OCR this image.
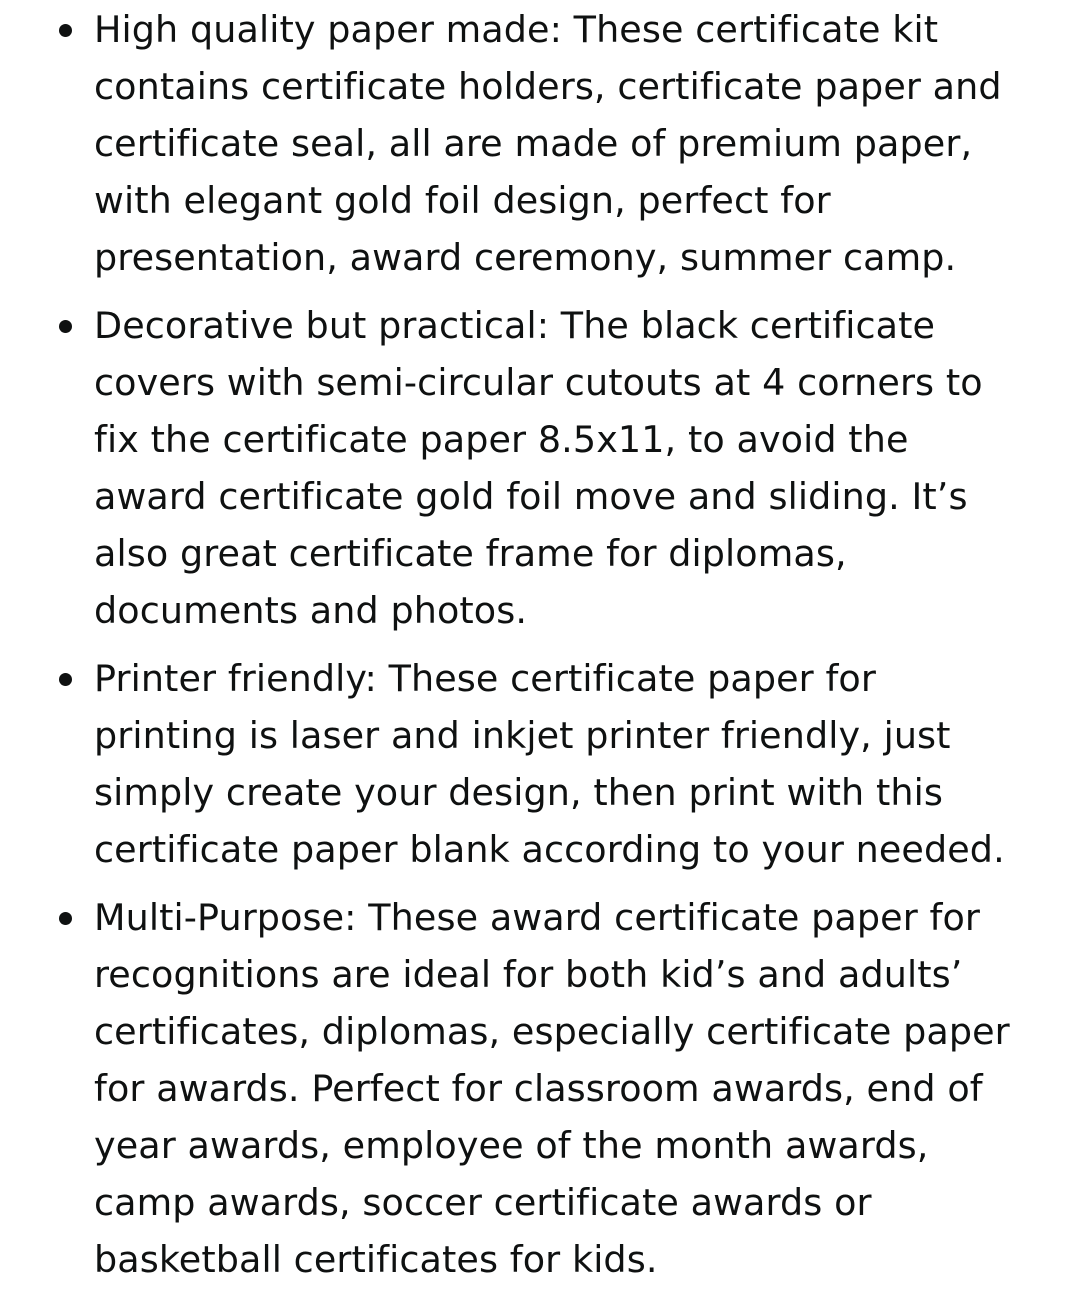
High quality paper made: These certificate kit
contains certificate holders, certificate paper and
certificate seal, all are made of premium paper,
with elegant gold foil design, perfect for
presentation, award ceremony, summer camp.
Decorative but practical: The black certificate
covers with semi-circular cutouts at 4 corners to
fix the certificate paper 8.5x11, to avoid the
award certificate gold foil move and sliding. It’s
also great certificate frame for diplomas,
documents and photos.
Printer friendly: These certificate paper for
printing is laser and inkjet printer friendly, just
simply create your design, then print with this
certificate paper blank according to your needed.
Multi-Purpose: These award certificate paper for
recognitions are ideal for both kid’s and adults’
certificates, diplomas, especially certificate paper
for awards. Perfect for classroom awards, end of
year awards, employee of the month awards,
camp awards, soccer certificate awards or
basketball certificates for kids.
